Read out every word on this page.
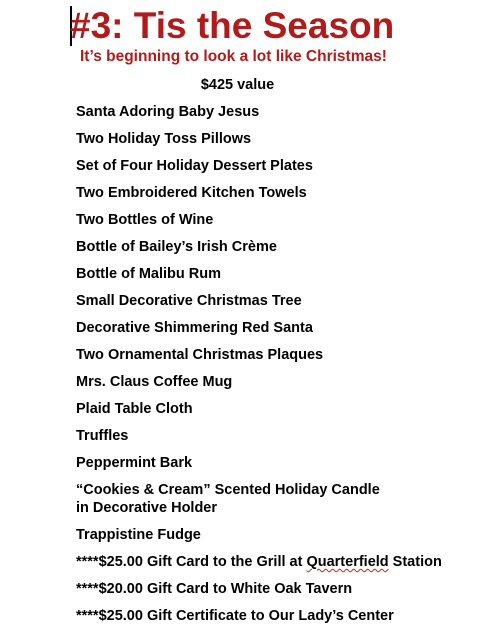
#3: Tis the Season

It’s beginning to look a lot like Christmas!

$425 value
Santa Adoring Baby Jesus
Two Holiday Toss Pillows
Set of Four Holiday Dessert Plates
Two Embroidered Kitchen Towels
Two Bottles of Wine
Bottle of Bailey’s Irish Crème
Bottle of Malibu Rum
Small Decorative Christmas Tree
Decorative Shimmering Red Santa
Two Ornamental Christmas Plaques
Mrs. Claus Coffee Mug
Plaid Table Cloth
Truffles
Peppermint Bark
“Cookies & Cream” Scented Holiday Candle
in Decorative Holder
Trappistine Fudge
****$25.00 Gift Card to the Grill at Quarterfield Station
****$20.00 Gift Card to White Oak Tavern
****$25.00 Gift Certificate to Our Lady’s Center
